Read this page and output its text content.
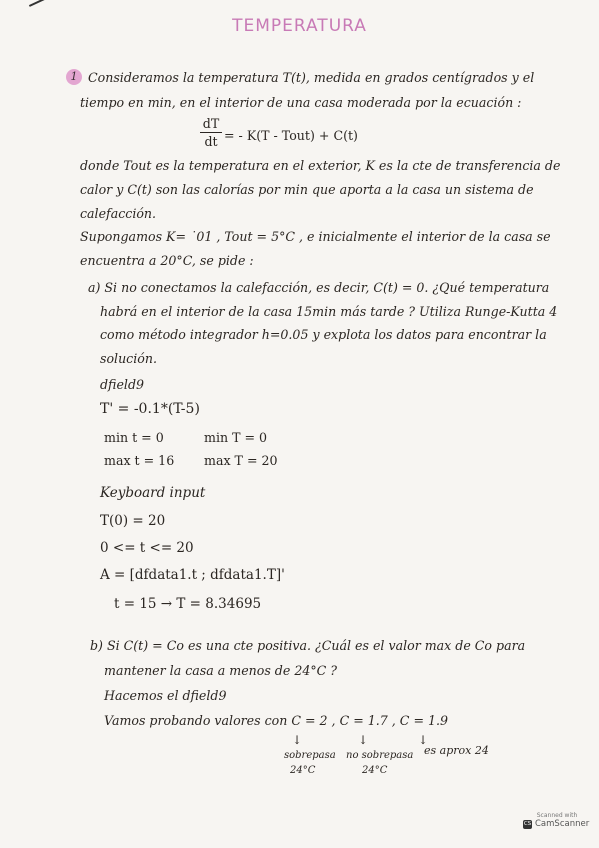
TEMPERATURA
1 Consideramos la temperatura T(t), medida en grados centígrados y el
tiempo en min, en el interior de una casa moderada por la ecuación :
$\frac{dT}{dt}$ = - K(T - Tout) + C(t)
donde Tout es la temperatura en el exterior, K es la cte de transferencia de
calor y C(t) son las calorías por min que aporta a la casa un sistema de
calefacción.
Supongamos K= ˙01 , Tout = 5°C , e inicialmente el interior de la casa se
encuentra a 20°C, se pide :
a) Si no conectamos la calefacción, es decir, C(t) = 0. ¿Qué temperatura
habrá en el interior de la casa 15min más tarde ? Utiliza Runge-Kutta 4
como método integrador h=0.05 y explota los datos para encontrar la
solución.
dfield9
T' = -0.1*(T-5)
min t = 0	min T = 0
max t = 16 max T = 20
Keyboard input
T(0) = 20
0 <= t <= 20
A = [dfdata1.t ; dfdata1.T]'
t = 15 → T = 8.34695
b) Si C(t) = Co es una cte positiva. ¿Cuál es el valor max de Co para
mantener la casa a menos de 24°C ?
Hacemos el dfield9
Vamos probando valores con C = 2 , C = 1.7 , C = 1.9
↓	↓	↓
sobrepasa
24°C
no sobrepasa
24°C
es aprox 24
Scanned with
CS CamScanner
